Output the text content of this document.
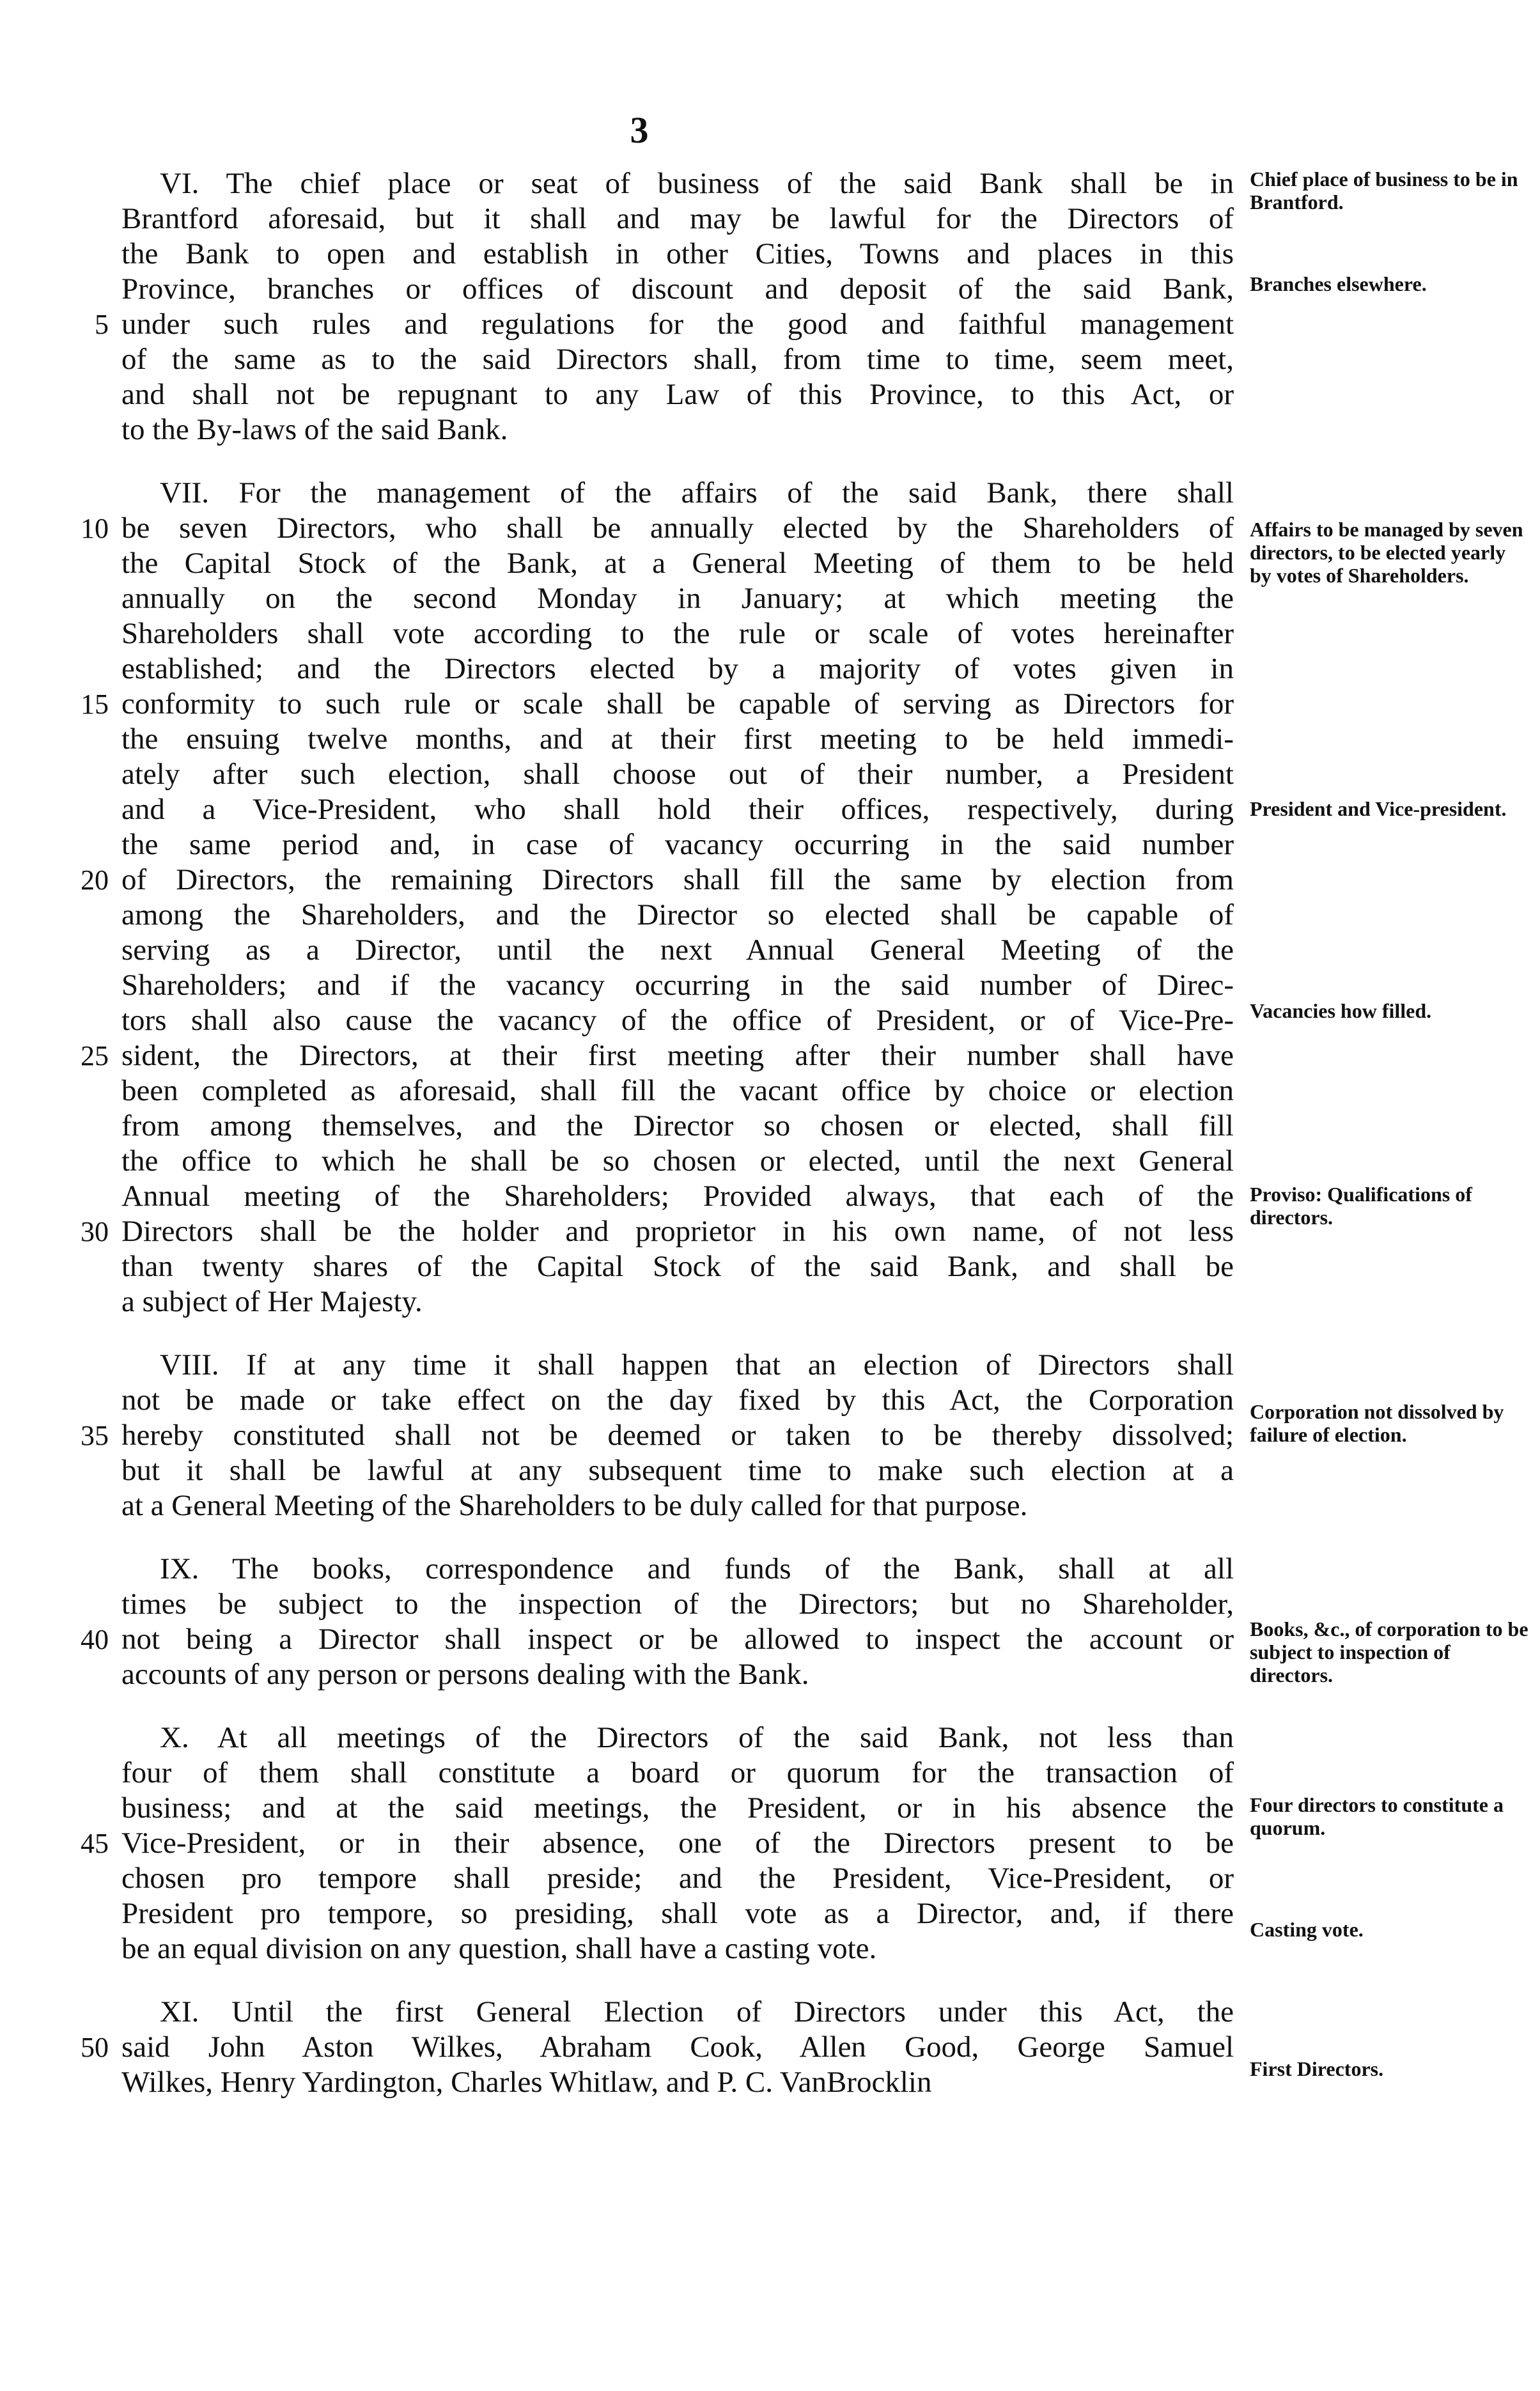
3
VI. The chief place or seat of business of the said Bank shall be in
Brantford aforesaid, but it shall and may be lawful for the Directors of
the Bank to open and establish in other Cities, Towns and places in this
Province, branches or offices of discount and deposit of the said Bank,
5 under such rules and regulations for the good and faithful management
of the same as to the said Directors shall, from time to time, seem meet,
and shall not be repugnant to any Law of this Province, to this Act, or
to the By-laws of the said Bank.
VII. For the management of the affairs of the said Bank, there shall
10 be seven Directors, who shall be annually elected by the Shareholders of
the Capital Stock of the Bank, at a General Meeting of them to be held
annually on the second Monday in January; at which meeting the
Shareholders shall vote according to the rule or scale of votes hereinafter
established; and the Directors elected by a majority of votes given in
15 conformity to such rule or scale shall be capable of serving as Directors for
the ensuing twelve months, and at their first meeting to be held immedi-
ately after such election, shall choose out of their number, a President
and a Vice-President, who shall hold their offices, respectively, during
the same period and, in case of vacancy occurring in the said number
20 of Directors, the remaining Directors shall fill the same by election from
among the Shareholders, and the Director so elected shall be capable of
serving as a Director, until the next Annual General Meeting of the
Shareholders; and if the vacancy occurring in the said number of Direc-
tors shall also cause the vacancy of the office of President, or of Vice-Pre-
25 sident, the Directors, at their first meeting after their number shall have
been completed as aforesaid, shall fill the vacant office by choice or election
from among themselves, and the Director so chosen or elected, shall fill
the office to which he shall be so chosen or elected, until the next General
Annual meeting of the Shareholders; Provided always, that each of the
30 Directors shall be the holder and proprietor in his own name, of not less
than twenty shares of the Capital Stock of the said Bank, and shall be
a subject of Her Majesty.
VIII. If at any time it shall happen that an election of Directors shall
not be made or take effect on the day fixed by this Act, the Corporation
35 hereby constituted shall not be deemed or taken to be thereby dissolved;
but it shall be lawful at any subsequent time to make such election at a
at a General Meeting of the Shareholders to be duly called for that purpose.
IX. The books, correspondence and funds of the Bank, shall at all
times be subject to the inspection of the Directors; but no Shareholder,
40 not being a Director shall inspect or be allowed to inspect the account or
accounts of any person or persons dealing with the Bank.
X. At all meetings of the Directors of the said Bank, not less than
four of them shall constitute a board or quorum for the transaction of
business; and at the said meetings, the President, or in his absence the
45 Vice-President, or in their absence, one of the Directors present to be
chosen pro tempore shall preside; and the President, Vice-President, or
President pro tempore, so presiding, shall vote as a Director, and, if there
be an equal division on any question, shall have a casting vote.
XI. Until the first General Election of Directors under this Act, the
50 said John Aston Wilkes, Abraham Cook, Allen Good, George Samuel
Wilkes, Henry Yardington, Charles Whitlaw, and P. C. VanBrocklin
Chief place of business to be in Brantford.
Branches elsewhere.
Affairs to be managed by seven directors, to be elected yearly by votes of Shareholders.
President and Vice-president.
Vacancies how filled.
Proviso: Qualifications of directors.
Corporation not dissolved by failure of election.
Books, &c., of corporation to be subject to inspection of directors.
Four directors to constitute a quorum.
Casting vote.
First Directors.
